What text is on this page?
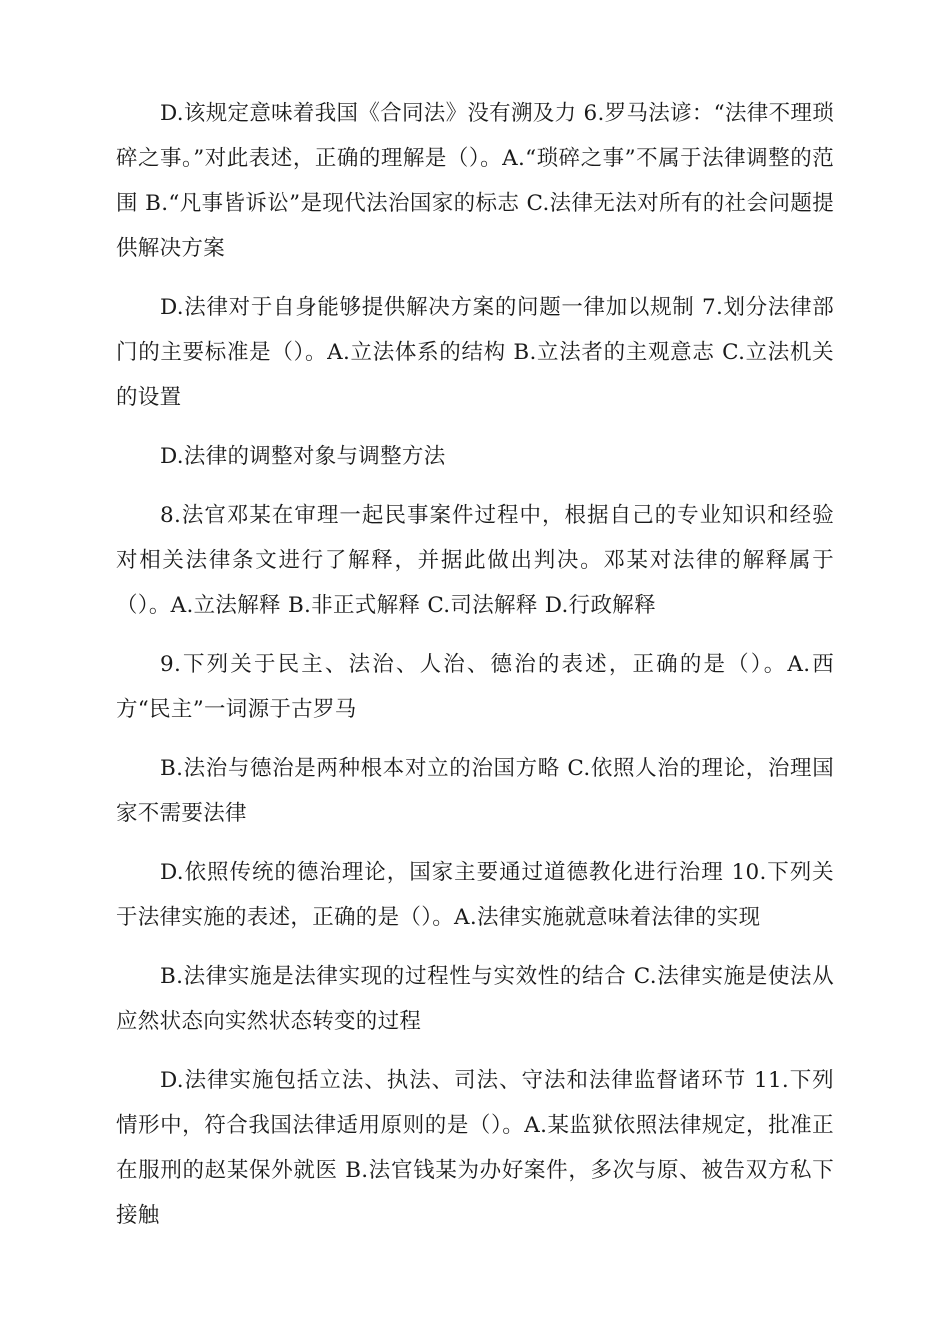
D.该规定意味着我国《合同法》没有溯及力 6.罗马法谚：“法律不理琐碎之事。”对此表述，正确的理解是（）。A.“琐碎之事”不属于法律调整的范围 B.“凡事皆诉讼”是现代法治国家的标志 C.法律无法对所有的社会问题提供解决方案

D.法律对于自身能够提供解决方案的问题一律加以规制 7.划分法律部门的主要标准是（）。A.立法体系的结构 B.立法者的主观意志 C.立法机关的设置

D.法律的调整对象与调整方法

8.法官邓某在审理一起民事案件过程中，根据自己的专业知识和经验对相关法律条文进行了解释，并据此做出判决。邓某对法律的解释属于（）。A.立法解释 B.非正式解释 C.司法解释 D.行政解释

9.下列关于民主、法治、人治、德治的表述，正确的是（）。A.西方“民主”一词源于古罗马

B.法治与德治是两种根本对立的治国方略 C.依照人治的理论，治理国家不需要法律

D.依照传统的德治理论，国家主要通过道德教化进行治理 10.下列关于法律实施的表述，正确的是（）。A.法律实施就意味着法律的实现

B.法律实施是法律实现的过程性与实效性的结合 C.法律实施是使法从应然状态向实然状态转变的过程

D.法律实施包括立法、执法、司法、守法和法律监督诸环节 11.下列情形中，符合我国法律适用原则的是（）。A.某监狱依照法律规定，批准正在服刑的赵某保外就医 B.法官钱某为办好案件，多次与原、被告双方私下接触
